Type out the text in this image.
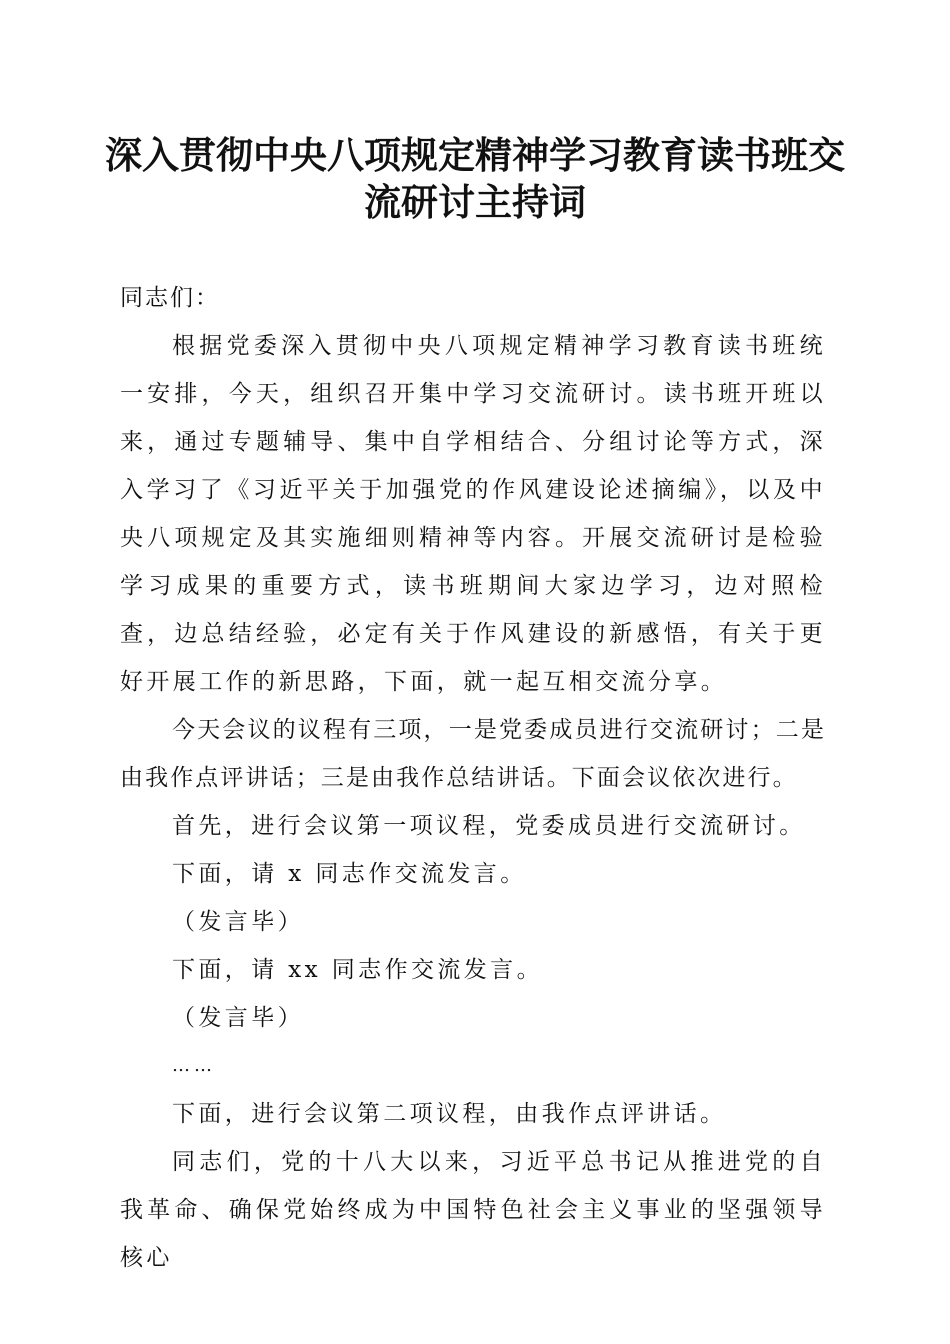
深入贯彻中央八项规定精神学习教育读书班交
流研讨主持词

同志们：

根据党委深入贯彻中央八项规定精神学习教育读书班统一安排，今天，组织召开集中学习交流研讨。读书班开班以来，通过专题辅导、集中自学相结合、分组讨论等方式，深入学习了《习近平关于加强党的作风建设论述摘编》，以及中央八项规定及其实施细则精神等内容。开展交流研讨是检验学习成果的重要方式，读书班期间大家边学习，边对照检查，边总结经验，必定有关于作风建设的新感悟，有关于更好开展工作的新思路，下面，就一起互相交流分享。

今天会议的议程有三项，一是党委成员进行交流研讨；二是由我作点评讲话；三是由我作总结讲话。下面会议依次进行。

首先，进行会议第一项议程，党委成员进行交流研讨。

下面，请 x 同志作交流发言。

（发言毕）

下面，请 xx 同志作交流发言。

（发言毕）

……

下面，进行会议第二项议程，由我作点评讲话。

同志们，党的十八大以来，习近平总书记从推进党的自我革命、确保党始终成为中国特色社会主义事业的坚强领导核心
